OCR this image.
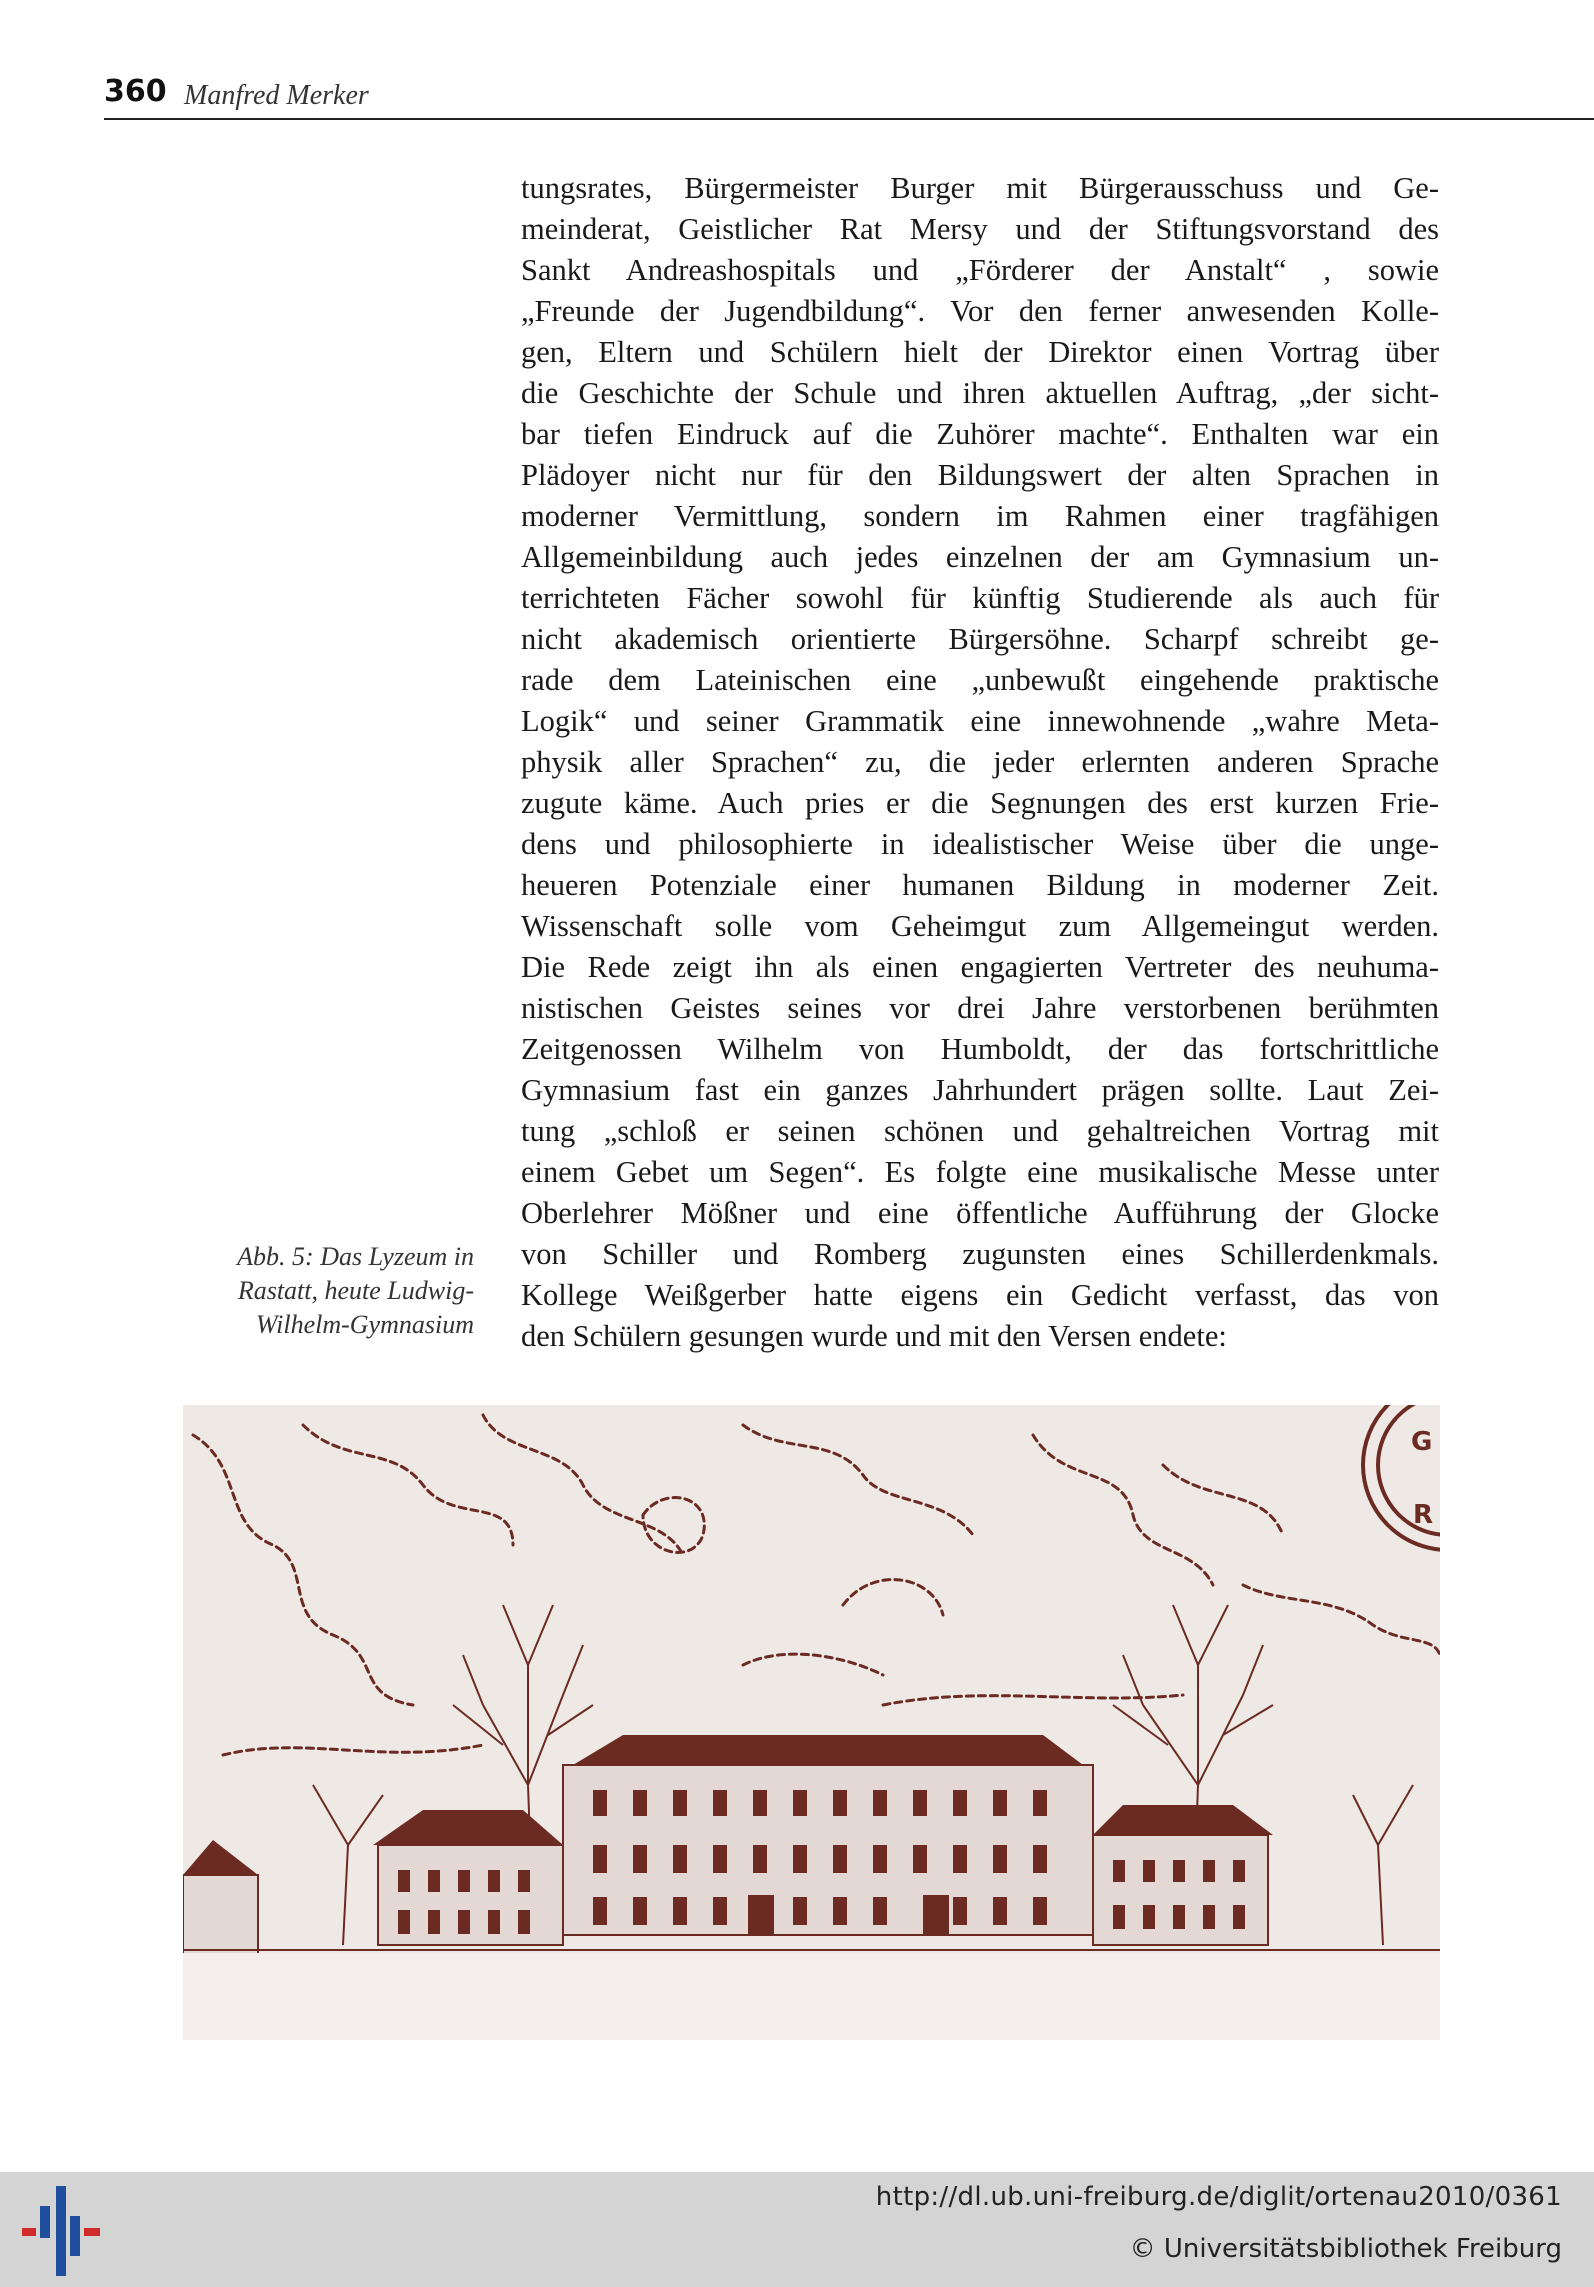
360 Manfred Merker
tungsrates, Bürgermeister Burger mit Bürgerausschuss und Ge-
meinderat, Geistlicher Rat Mersy und der Stiftungsvorstand des
Sankt Andreashospitals und „Förderer der Anstalt“ , sowie
„Freunde der Jugendbildung“. Vor den ferner anwesenden Kolle-
gen, Eltern und Schülern hielt der Direktor einen Vortrag über
die Geschichte der Schule und ihren aktuellen Auftrag, „der sicht-
bar tiefen Eindruck auf die Zuhörer machte“. Enthalten war ein
Plädoyer nicht nur für den Bildungswert der alten Sprachen in
moderner Vermittlung, sondern im Rahmen einer tragfähigen
Allgemeinbildung auch jedes einzelnen der am Gymnasium un-
terrichteten Fächer sowohl für künftig Studierende als auch für
nicht akademisch orientierte Bürgersöhne. Scharpf schreibt ge-
rade dem Lateinischen eine „unbewußt eingehende praktische
Logik“ und seiner Grammatik eine innewohnende „wahre Meta-
physik aller Sprachen“ zu, die jeder erlernten anderen Sprache
zugute käme. Auch pries er die Segnungen des erst kurzen Frie-
dens und philosophierte in idealistischer Weise über die unge-
heueren Potenziale einer humanen Bildung in moderner Zeit.
Wissenschaft solle vom Geheimgut zum Allgemeingut werden.
Die Rede zeigt ihn als einen engagierten Vertreter des neuhuma-
nistischen Geistes seines vor drei Jahre verstorbenen berühmten
Zeitgenossen Wilhelm von Humboldt, der das fortschrittliche
Gymnasium fast ein ganzes Jahrhundert prägen sollte. Laut Zei-
tung „schloß er seinen schönen und gehaltreichen Vortrag mit
einem Gebet um Segen“. Es folgte eine musikalische Messe unter
Oberlehrer Mößner und eine öffentliche Aufführung der Glocke
von Schiller und Romberg zugunsten eines Schillerdenkmals.
Kollege Weißgerber hatte eigens ein Gedicht verfasst, das von
den Schülern gesungen wurde und mit den Versen endete:
Abb. 5: Das Lyzeum in
Rastatt, heute Ludwig-
Wilhelm-Gymnasium
G
R
http://dl.ub.uni-freiburg.de/diglit/ortenau2010/0361
© Universitätsbibliothek Freiburg
